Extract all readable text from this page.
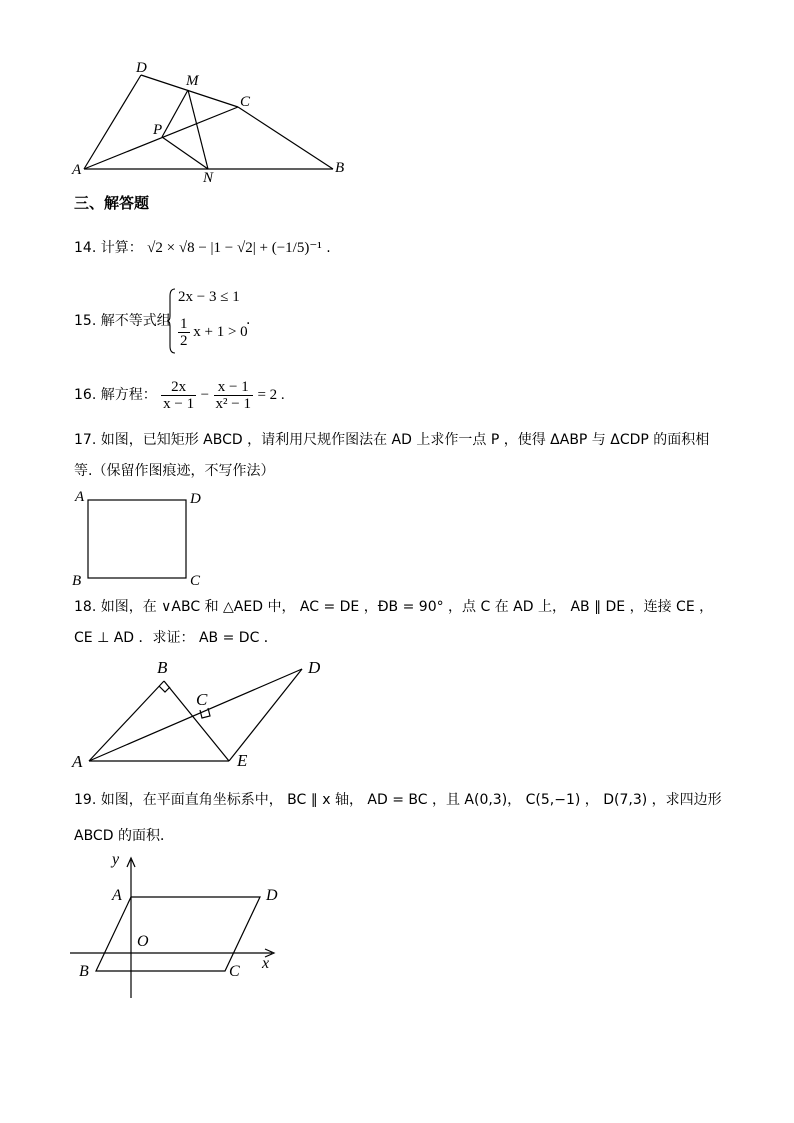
D
M
C
P
A	N
B
三、解答题
14. 计算： √2 × √8 − |1 − √2| + (−1/5)⁻¹ .
15. 解不等式组
2x − 3 ≤ 1
$\frac{1}{2}$ x + 1 > 0
.
16. 解方程： $\frac{2x}{x - 1} - \frac{x - 1}{\text{x² − 1}} = 2$ .
17. 如图，已知矩形 ABCD ，请利用尺规作图法在 AD 上求作一点 P ，使得 ΔABP 与 ΔCDP 的面积相
等.（保留作图痕迹，不写作法）
A	D
B	C
18. 如图，在 ∨ABC 和 △AED 中， AC = DE ，ÐB = 90° ，点 C 在 AD 上， AB ∥ DE ，连接 CE ，
CE ⊥ AD ．求证： AB = DC ．
B
C
D
A	E
19. 如图，在平面直角坐标系中， BC ∥ x 轴， AD = BC ，且 A(0,3)， C(5,−1) ， D(7,3) ，求四边形
ABCD 的面积．
y
A	D
O
B	C x
